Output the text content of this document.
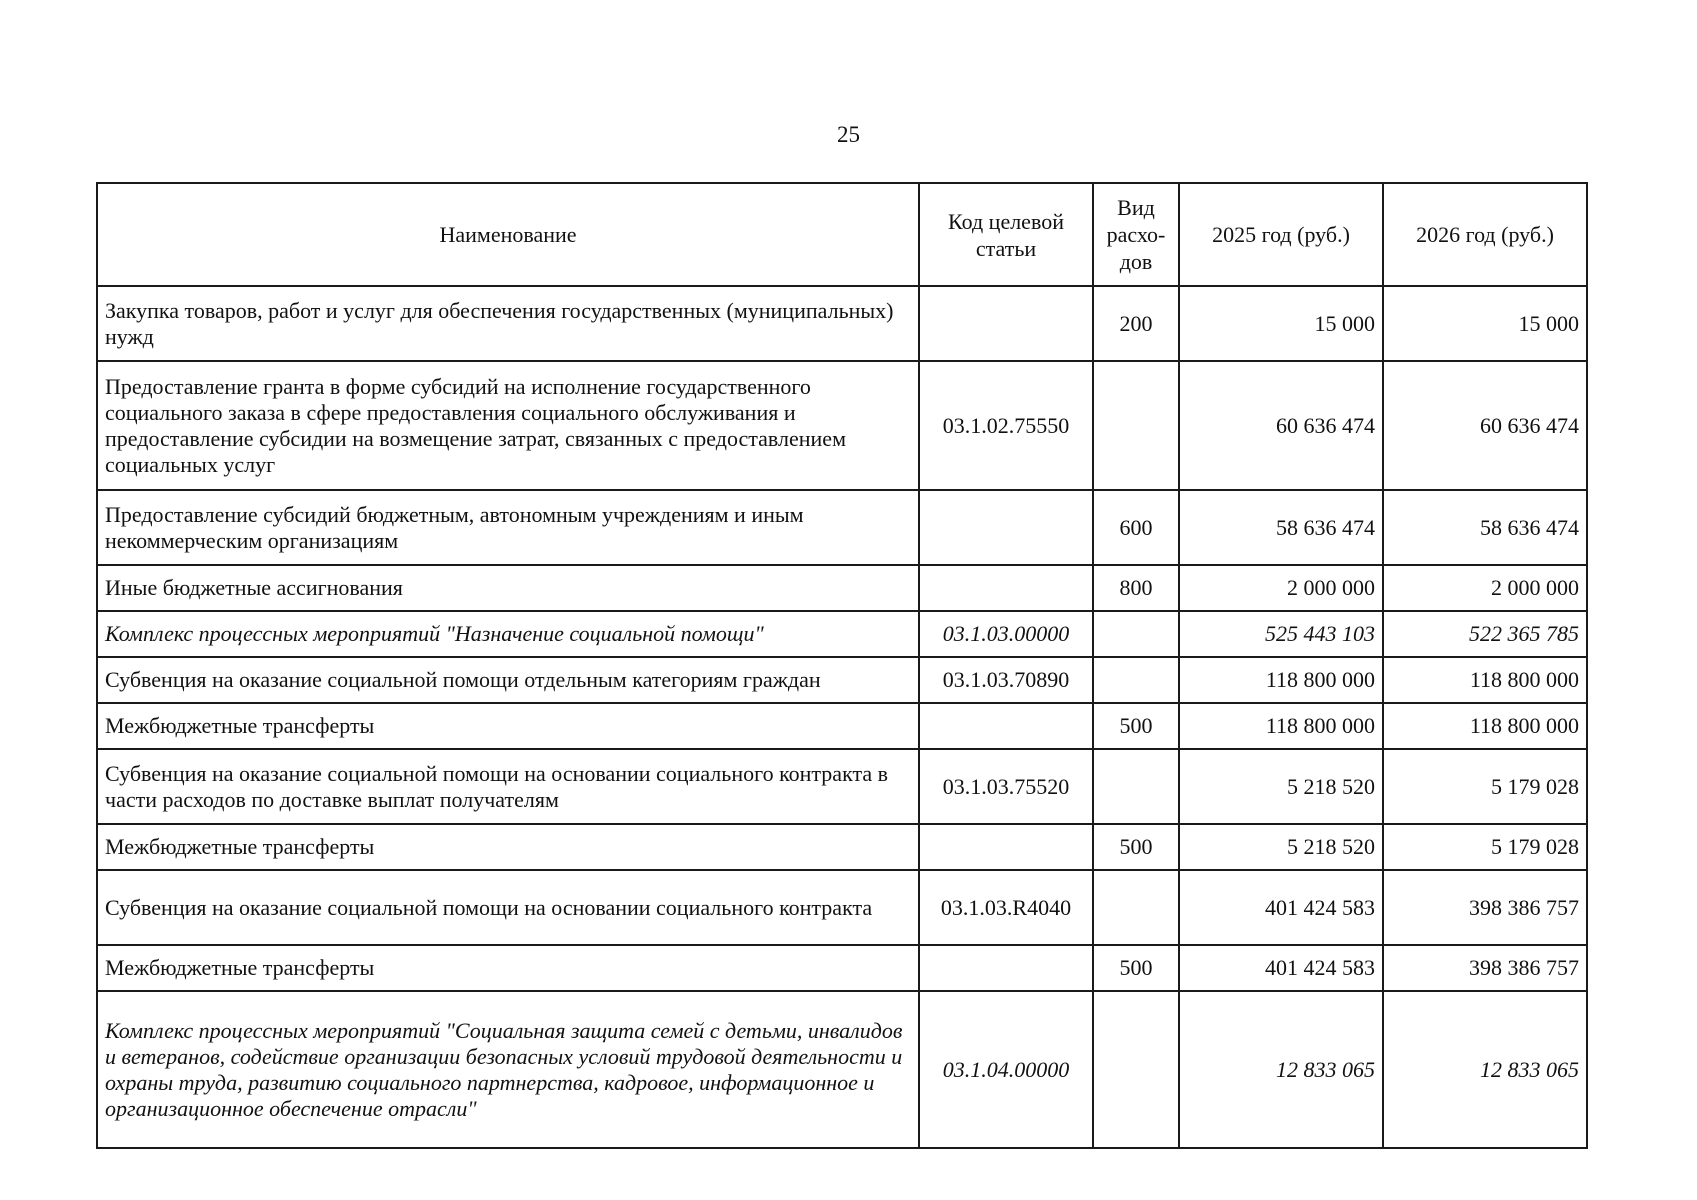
25
Наименование	Код целевой статьи	Вид расхо-дов	2025 год (руб.)	2026 год (руб.)
Закупка товаров, работ и услуг для обеспечения государственных (муниципальных) нужд		200	15 000	15 000
Предоставление гранта в форме субсидий на исполнение государственного социального заказа в сфере предоставления социального обслуживания и предоставление субсидии на возмещение затрат, связанных с предоставлением социальных услуг	03.1.02.75550		60 636 474	60 636 474
Предоставление субсидий бюджетным, автономным учреждениям и иным некоммерческим организациям		600	58 636 474	58 636 474
Иные бюджетные ассигнования		800	2 000 000	2 000 000
Комплекс процессных мероприятий "Назначение социальной помощи"	03.1.03.00000		525 443 103	522 365 785
Субвенция на оказание социальной помощи отдельным категориям граждан	03.1.03.70890		118 800 000	118 800 000
Межбюджетные трансферты		500	118 800 000	118 800 000
Субвенция на оказание социальной помощи на основании социального контракта в части расходов по доставке выплат получателям	03.1.03.75520		5 218 520	5 179 028
Межбюджетные трансферты		500	5 218 520	5 179 028
Субвенция на оказание социальной помощи на основании социального контракта	03.1.03.R4040		401 424 583	398 386 757
Межбюджетные трансферты		500	401 424 583	398 386 757
Комплекс процессных мероприятий "Социальная защита семей с детьми, инвалидов и ветеранов, содействие организации безопасных условий трудовой деятельности и охраны труда, развитию социального партнерства, кадровое, информационное и организационное обеспечение отрасли"	03.1.04.00000		12 833 065	12 833 065
